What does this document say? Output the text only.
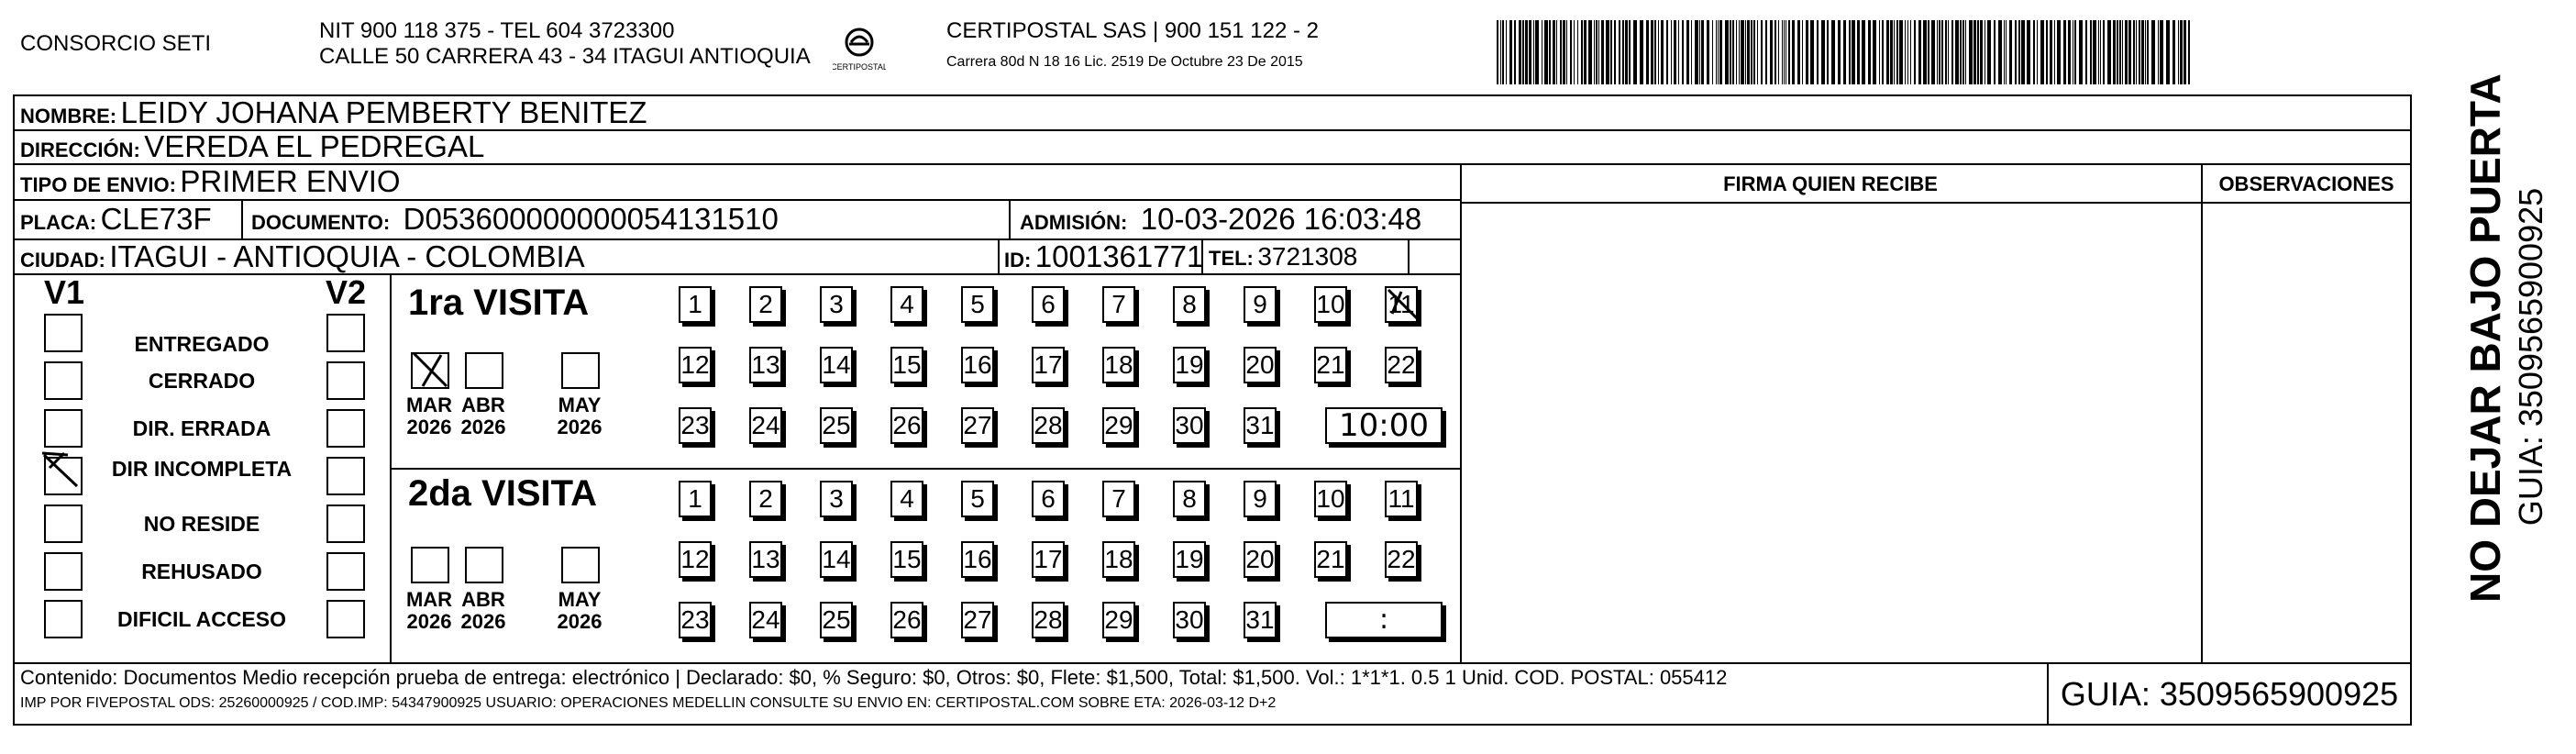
CONSORCIO SETI
NIT 900 118 375 - TEL 604 3723300
CALLE 50 CARRERA 43 - 34 ITAGUI ANTIOQUIA CERTIPOSTAL
CERTIPOSTAL SAS | 900 151 122 - 2
Carrera 80d N 18 16 Lic. 2519 De Octubre 23 De 2015
NOMBRE: LEIDY JOHANA PEMBERTY BENITEZ
DIRECCIÓN: VEREDA EL PEDREGAL
TIPO DE ENVIO: PRIMER ENVIO
PLACA: CLE73F DOCUMENTO: D053600000000054131510	ADMISIÓN: 10-03-2026 16:03:48
CIUDAD: ITAGUI - ANTIOQUIA - COLOMBIA	ID: 1001361771 TEL: 3721308
FIRMA QUIEN RECIBE	OBSERVACIONES
V1	V2
ENTREGADO
CERRADO
DIR. ERRADA
DIR INCOMPLETA
NO RESIDE
REHUSADO
DIFICIL ACCESO
1ra VISITA
2da VISITA
MAR
2026
ABR
2026
MAY
2026
1	2	3	4	5	6	7	8	9	10 11
12 13 14 15 16 17 18 19 20 21 22
23 24 25 26 27 28 29 30 31	10:00
MAR
2026
ABR
2026
MAY
2026
1	2	3	4	5	6	7	8	9	10 11
12 13 14 15 16 17 18 19 20 21 22
23 24 25 26 27 28 29 30 31	:
Contenido: Documentos Medio recepción prueba de entrega: electrónico | Declarado: $0, % Seguro: $0, Otros: $0, Flete: $1,500, Total: $1,500. Vol.: 1*1*1. 0.5 1 Unid. COD. POSTAL: 055412
IMP POR FIVEPOSTAL ODS: 25260000925 / COD.IMP: 54347900925 USUARIO: OPERACIONES MEDELLIN CONSULTE SU ENVIO EN: CERTIPOSTAL.COM SOBRE ETA: 2026-03-12 D+2	GUIA: 3509565900925
NO DEJAR BAJO PUERTA GUIA: 3509565900925
